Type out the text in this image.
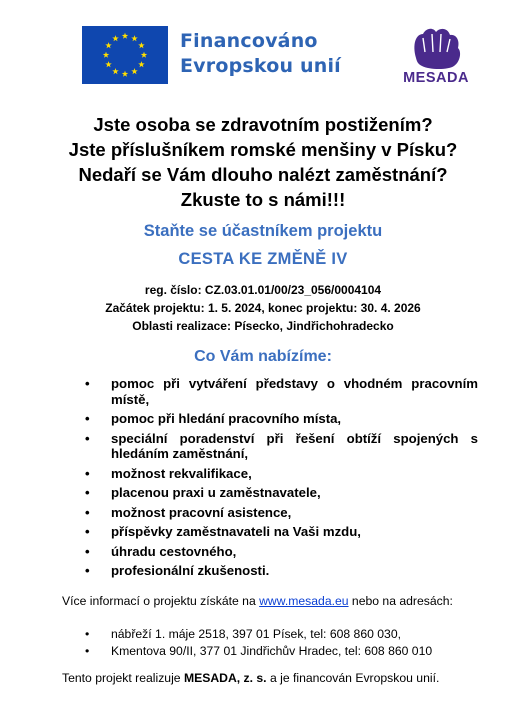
Financováno
Evropskou unií
MESADA
Jste osoba se zdravotním postižením?
Jste příslušníkem romské menšiny v Písku?
Nedaří se Vám dlouho nalézt zaměstnání?
Zkuste to s námi!!!
Staňte se účastníkem projektu
CESTA KE ZMĚNĚ IV
reg. číslo: CZ.03.01.01/00/23_056/0004104
Začátek projektu: 1. 5. 2024, konec projektu: 30. 4. 2026
Oblasti realizace: Písecko, Jindřichohradecko
Co Vám nabízíme:
• pomoc při vytváření představy o vhodném pracovním místě,
• pomoc při hledání pracovního místa,
• speciální poradenství při řešení obtíží spojených s hledáním zaměstnání,
• možnost rekvalifikace,
• placenou praxi u zaměstnavatele,
• možnost pracovní asistence,
• příspěvky zaměstnavateli na Vaši mzdu,
• úhradu cestovného,
• profesionální zkušenosti.
Více informací o projektu získáte na www.mesada.eu nebo na adresách:
• nábřeží 1. máje 2518, 397 01 Písek, tel: 608 860 030,
• Kmentova 90/II, 377 01 Jindřichův Hradec, tel: 608 860 010
Tento projekt realizuje MESADA, z. s. a je financován Evropskou unií.
